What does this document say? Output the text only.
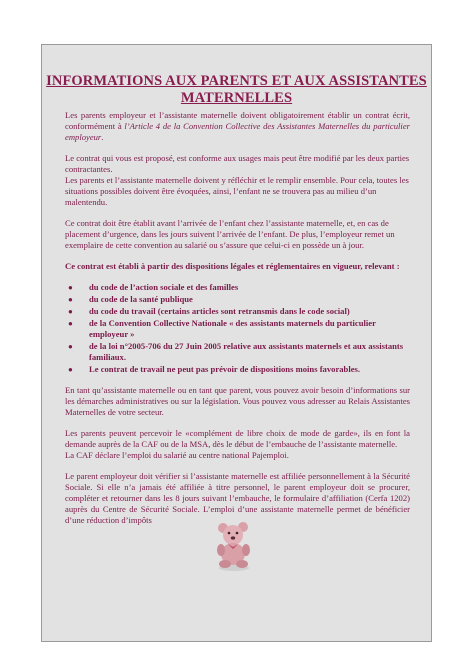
INFORMATIONS AUX PARENTS ET AUX ASSISTANTES MATERNELLES

Les parents employeur et l’assistante maternelle doivent obligatoirement établir un contrat écrit, conformément à l’Article 4 de la Convention Collective des Assistantes Maternelles du particulier employeur.

Le contrat qui vous est proposé, est conforme aux usages mais peut être modifié par les deux parties contractantes.

Les parents et l’assistante maternelle doivent y réfléchir et le remplir ensemble. Pour cela, toutes les situations possibles doivent être évoquées, ainsi, l’enfant ne se trouvera pas au milieu d’un malentendu.

Ce contrat doit être établit avant l’arrivée de l’enfant chez l’assistante maternelle, et, en cas de placement d’urgence, dans les jours suivent l’arrivée de l’enfant. De plus, l’employeur remet un exemplaire de cette convention au salarié ou s’assure que celui-ci en possède un à jour.

Ce contrat est établi à partir des dispositions légales et réglementaires en vigueur, relevant :

● du code de l’action sociale et des familles
● du code de la santé publique
● du code du travail (certains articles sont retransmis dans le code social)
● de la Convention Collective Nationale « des assistants maternels du particulier employeur »
● de la loi n°2005-706 du 27 Juin 2005 relative aux assistants maternels et aux assistants familiaux.
● Le contrat de travail ne peut pas prévoir de dispositions moins favorables.

En tant qu’assistante maternelle ou en tant que parent, vous pouvez avoir besoin d’informations sur les démarches administratives ou sur la législation. Vous pouvez vous adresser au Relais Assistantes Maternelles de votre secteur.

Les parents peuvent percevoir le «complément de libre choix de mode de garde», ils en font la demande auprès de la CAF ou de la MSA, dès le début de l’embauche de l’assistante maternelle.

La CAF déclare l’emploi du salarié au centre national Pajemploi.

Le parent employeur doit vérifier si l’assistante maternelle est affiliée personnellement à la Sécurité Sociale. Si elle n’a jamais été affiliée à titre personnel, le parent employeur doit se procurer, compléter et retourner dans les 8 jours suivant l’embauche, le formulaire d’affiliation (Cerfa 1202) auprès du Centre de Sécurité Sociale. L’emploi d’une assistante maternelle permet de bénéficier d’une réduction d’impôts
